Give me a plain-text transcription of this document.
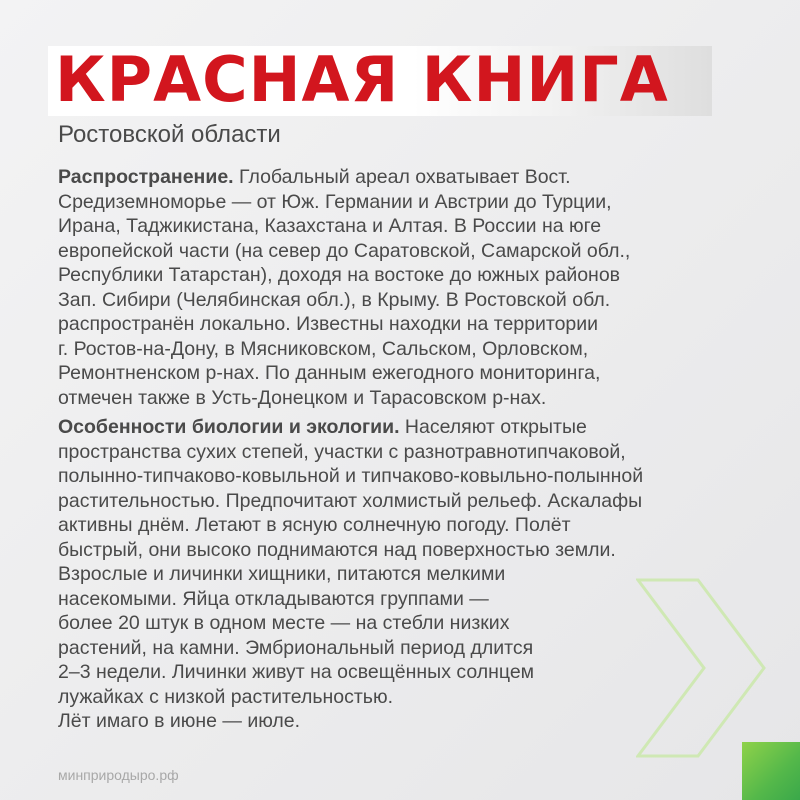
КРАСНАЯ КНИГА
Ростовской области
Распространение. Глобальный ареал охватывает Вост.
Средиземноморье — от Юж. Германии и Австрии до Турции,
Ирана, Таджикистана, Казахстана и Алтая. В России на юге
европейской части (на север до Саратовской, Самарской обл.,
Республики Татарстан), доходя на востоке до южных районов
Зап. Сибири (Челябинская обл.), в Крыму. В Ростовской обл.
распространён локально. Известны находки на территории
г. Ростов-на-Дону, в Мясниковском, Сальском, Орловском,
Ремонтненском р-нах. По данным ежегодного мониторинга,
отмечен также в Усть-Донецком и Тарасовском р-нах.
Особенности биологии и экологии. Населяют открытые
пространства сухих степей, участки с разнотравнотипчаковой,
полынно-типчаково-ковыльной и типчаково-ковыльно-полынной
растительностью. Предпочитают холмистый рельеф. Аскалафы
активны днём. Летают в ясную солнечную погоду. Полёт
быстрый, они высоко поднимаются над поверхностью земли.
Взрослые и личинки хищники, питаются мелкими
насекомыми. Яйца откладываются группами —
более 20 штук в одном месте — на стебли низких
растений, на камни. Эмбриональный период длится
2–3 недели. Личинки живут на освещённых солнцем
лужайках с низкой растительностью.
Лёт имаго в июне — июле.
минприродыро.рф
